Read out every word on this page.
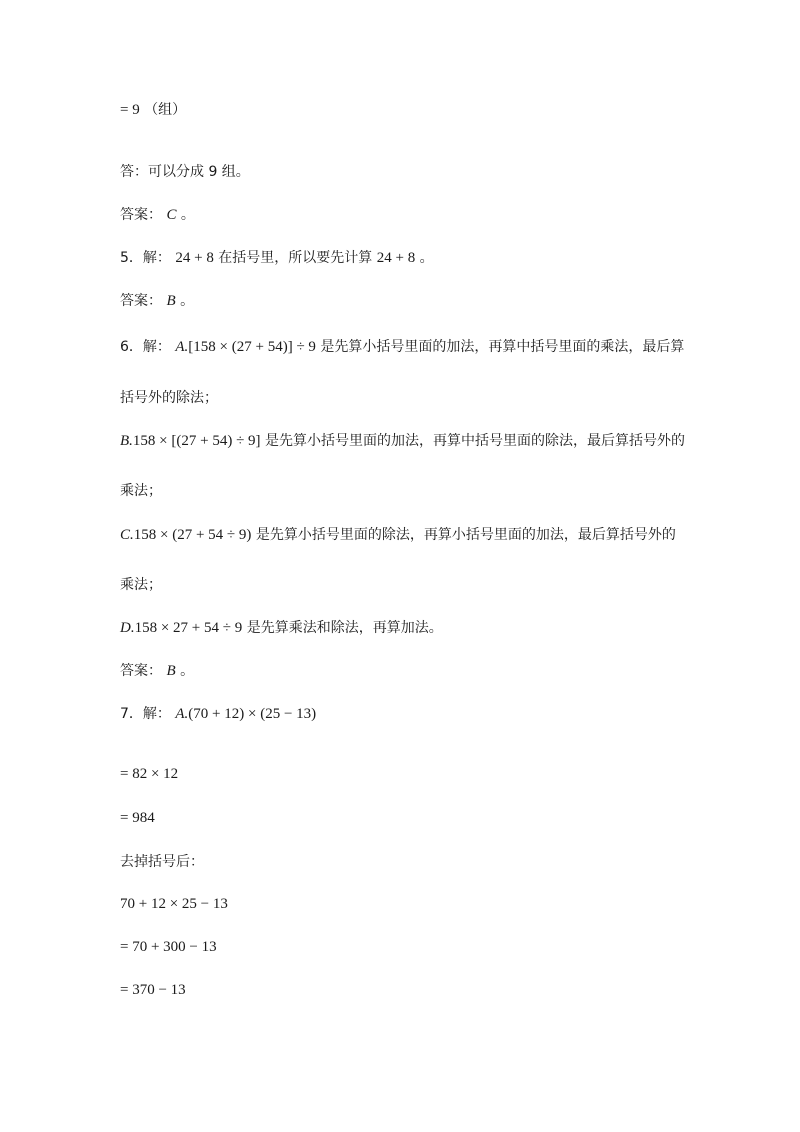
= 9 （组）
答：可以分成 9 组。
答案： C 。
5．解： 24 + 8 在括号里，所以要先计算 24 + 8 。
答案： B 。
6．解： A.[158 × (27 + 54)] ÷ 9 是先算小括号里面的加法，再算中括号里面的乘法，最后算
括号外的除法；
B.158 × [(27 + 54) ÷ 9] 是先算小括号里面的加法，再算中括号里面的除法，最后算括号外的
乘法；
C.158 × (27 + 54 ÷ 9) 是先算小括号里面的除法，再算小括号里面的加法，最后算括号外的
乘法；
D.158 × 27 + 54 ÷ 9 是先算乘法和除法，再算加法。
答案： B 。
7．解： A.(70 + 12) × (25 − 13)
= 82 × 12
= 984
去掉括号后：
70 + 12 × 25 − 13
= 70 + 300 − 13
= 370 − 13
